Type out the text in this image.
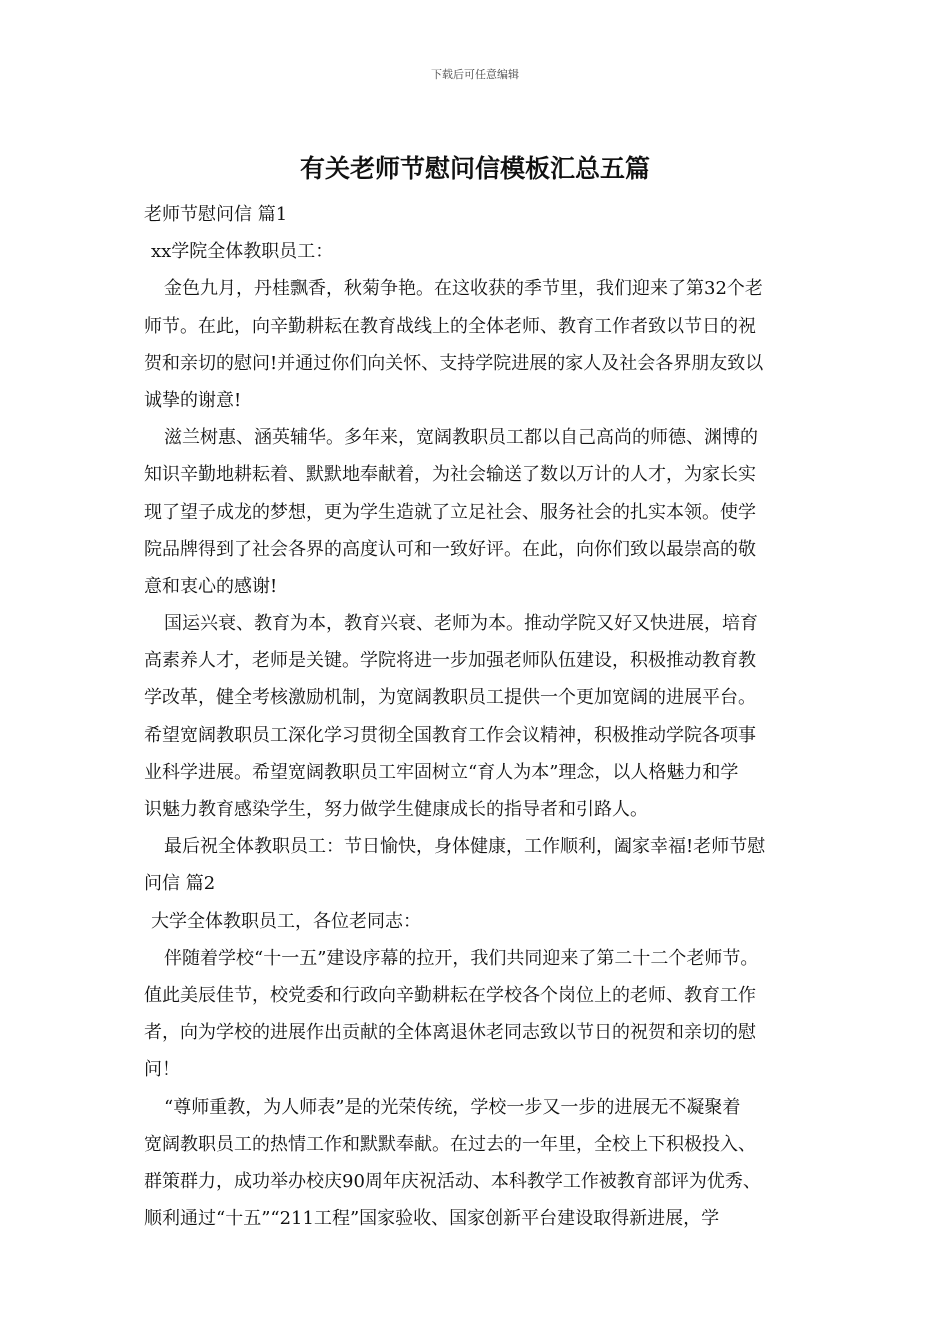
下载后可任意编辑
有关老师节慰问信模板汇总五篇
老师节慰问信 篇1
xx学院全体教职员工：
金色九月，丹桂飘香，秋菊争艳。在这收获的季节里，我们迎来了第32个老
师节。在此，向辛勤耕耘在教育战线上的全体老师、教育工作者致以节日的祝
贺和亲切的慰问!并通过你们向关怀、支持学院进展的家人及社会各界朋友致以
诚挚的谢意!
滋兰树惠、涵英辅华。多年来，宽阔教职员工都以自己高尚的师德、渊博的
知识辛勤地耕耘着、默默地奉献着，为社会输送了数以万计的人才，为家长实
现了望子成龙的梦想，更为学生造就了立足社会、服务社会的扎实本领。使学
院品牌得到了社会各界的高度认可和一致好评。在此，向你们致以最崇高的敬
意和衷心的感谢!
国运兴衰、教育为本，教育兴衰、老师为本。推动学院又好又快进展，培育
高素养人才，老师是关键。学院将进一步加强老师队伍建设，积极推动教育教
学改革，健全考核激励机制，为宽阔教职员工提供一个更加宽阔的进展平台。
希望宽阔教职员工深化学习贯彻全国教育工作会议精神，积极推动学院各项事
业科学进展。希望宽阔教职员工牢固树立“育人为本”理念，以人格魅力和学
识魅力教育感染学生，努力做学生健康成长的指导者和引路人。
最后祝全体教职员工：节日愉快，身体健康，工作顺利，阖家幸福!老师节慰
问信 篇2
大学全体教职员工，各位老同志：
伴随着学校“十一五”建设序幕的拉开，我们共同迎来了第二十二个老师节。
值此美辰佳节，校党委和行政向辛勤耕耘在学校各个岗位上的老师、教育工作
者，向为学校的进展作出贡献的全体离退休老同志致以节日的祝贺和亲切的慰
问！
“尊师重教，为人师表”是的光荣传统，学校一步又一步的进展无不凝聚着
宽阔教职员工的热情工作和默默奉献。在过去的一年里，全校上下积极投入、
群策群力，成功举办校庆90周年庆祝活动、本科教学工作被教育部评为优秀、
顺利通过“十五”“211工程”国家验收、国家创新平台建设取得新进展，学
